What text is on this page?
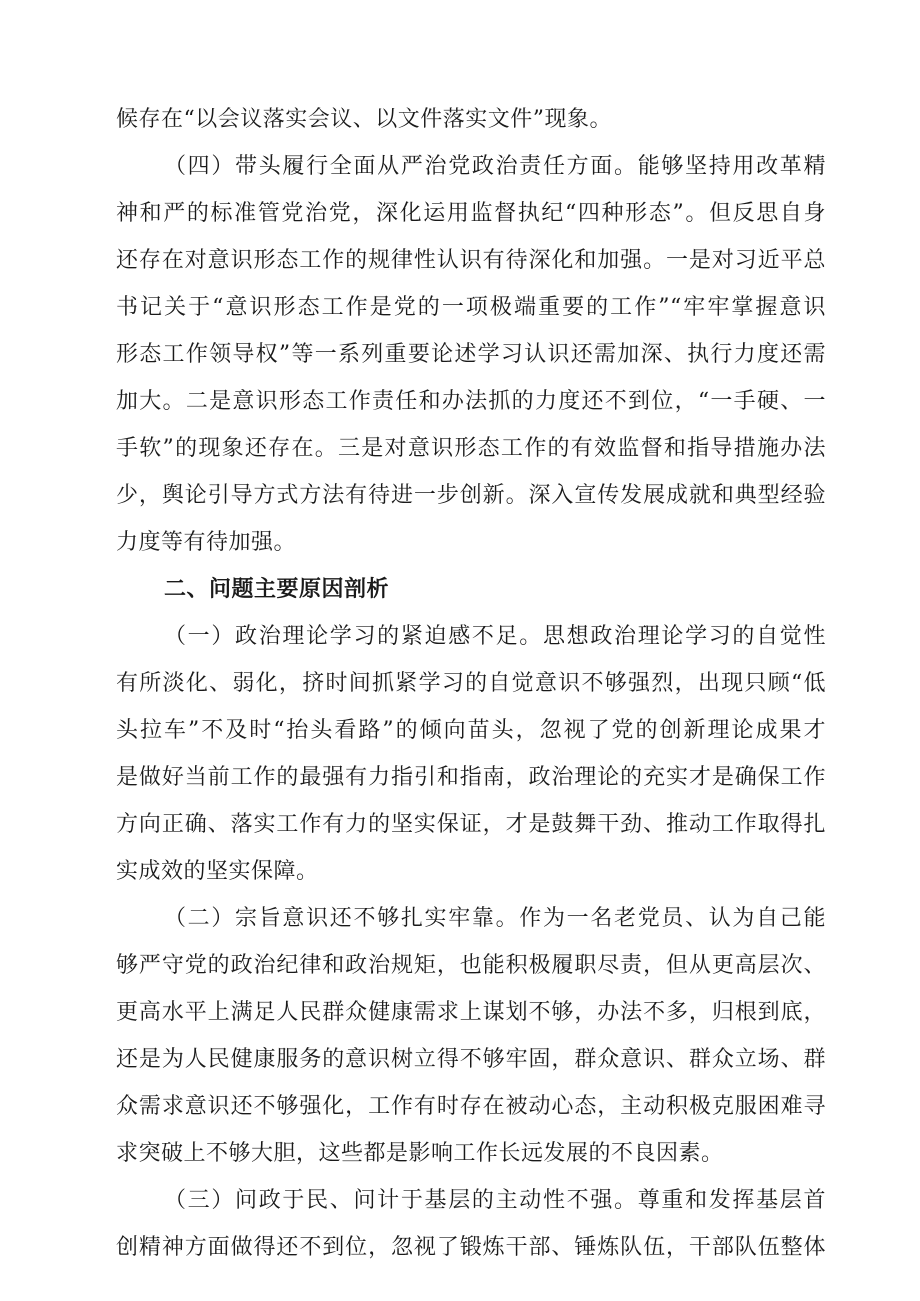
候存在“以会议落实会议、以文件落实文件”现象。
（四）带头履行全面从严治党政治责任方面。能够坚持用改革精
神和严的标准管党治党，深化运用监督执纪“四种形态”。但反思自身
还存在对意识形态工作的规律性认识有待深化和加强。一是对习近平总
书记关于“意识形态工作是党的一项极端重要的工作”“牢牢掌握意识
形态工作领导权”等一系列重要论述学习认识还需加深、执行力度还需
加大。二是意识形态工作责任和办法抓的力度还不到位，“一手硬、一
手软”的现象还存在。三是对意识形态工作的有效监督和指导措施办法
少，舆论引导方式方法有待进一步创新。深入宣传发展成就和典型经验
力度等有待加强。
二、问题主要原因剖析
（一）政治理论学习的紧迫感不足。思想政治理论学习的自觉性
有所淡化、弱化，挤时间抓紧学习的自觉意识不够强烈，出现只顾“低
头拉车”不及时“抬头看路”的倾向苗头，忽视了党的创新理论成果才
是做好当前工作的最强有力指引和指南，政治理论的充实才是确保工作
方向正确、落实工作有力的坚实保证，才是鼓舞干劲、推动工作取得扎
实成效的坚实保障。
（二）宗旨意识还不够扎实牢靠。作为一名老党员、认为自己能
够严守党的政治纪律和政治规矩，也能积极履职尽责，但从更高层次、
更高水平上满足人民群众健康需求上谋划不够，办法不多，归根到底，
还是为人民健康服务的意识树立得不够牢固，群众意识、群众立场、群
众需求意识还不够强化，工作有时存在被动心态，主动积极克服困难寻
求突破上不够大胆，这些都是影响工作长远发展的不良因素。
（三）问政于民、问计于基层的主动性不强。尊重和发挥基层首
创精神方面做得还不到位，忽视了锻炼干部、锤炼队伍，干部队伍整体
